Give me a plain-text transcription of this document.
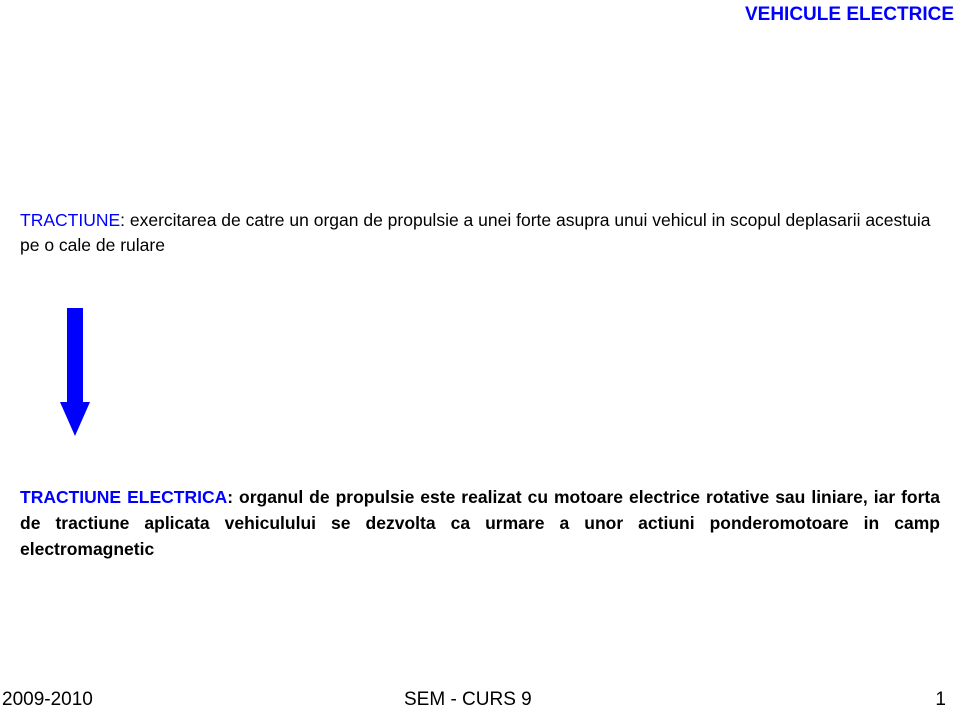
VEHICULE ELECTRICE
TRACTIUNE: exercitarea de catre un organ de propulsie a unei forte asupra unui vehicul in scopul deplasarii acestuia pe o cale de rulare
TRACTIUNE ELECTRICA: organul de propulsie este realizat cu motoare electrice rotative sau liniare, iar forta de tractiune aplicata vehiculului se dezvolta ca urmare a unor actiuni ponderomotoare in camp electromagnetic
2009-2010	SEM - CURS 9	1
